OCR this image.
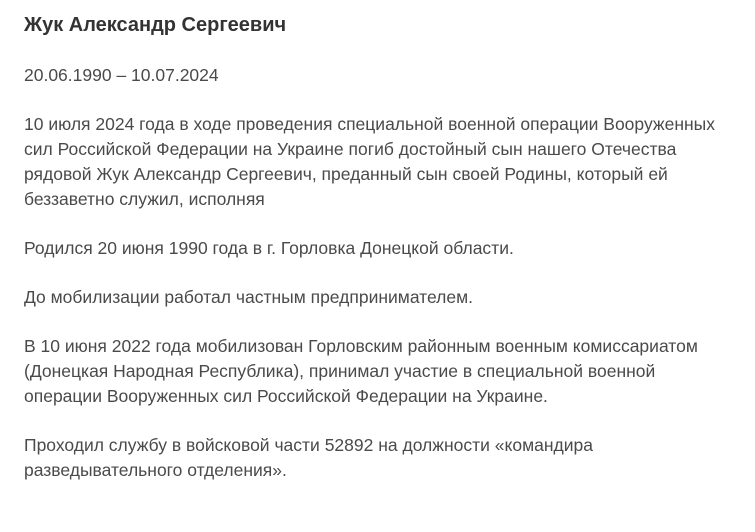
Жук Александр Сергеевич

20.06.1990 – 10.07.2024

10 июля 2024 года в ходе проведения специальной военной операции Вооруженных сил Российской Федерации на Украине погиб достойный сын нашего Отечества рядовой Жук Александр Сергеевич, преданный сын своей Родины, который ей беззаветно служил, исполняя

Родился 20 июня 1990 года в г. Горловка Донецкой области.

До мобилизации работал частным предпринимателем.

В 10 июня 2022 года мобилизован Горловским районным военным комиссариатом (Донецкая Народная Республика), принимал участие в специальной военной операции Вооруженных сил Российской Федерации на Украине.

Проходил службу в войсковой части 52892 на должности «командира разведывательного отделения».
